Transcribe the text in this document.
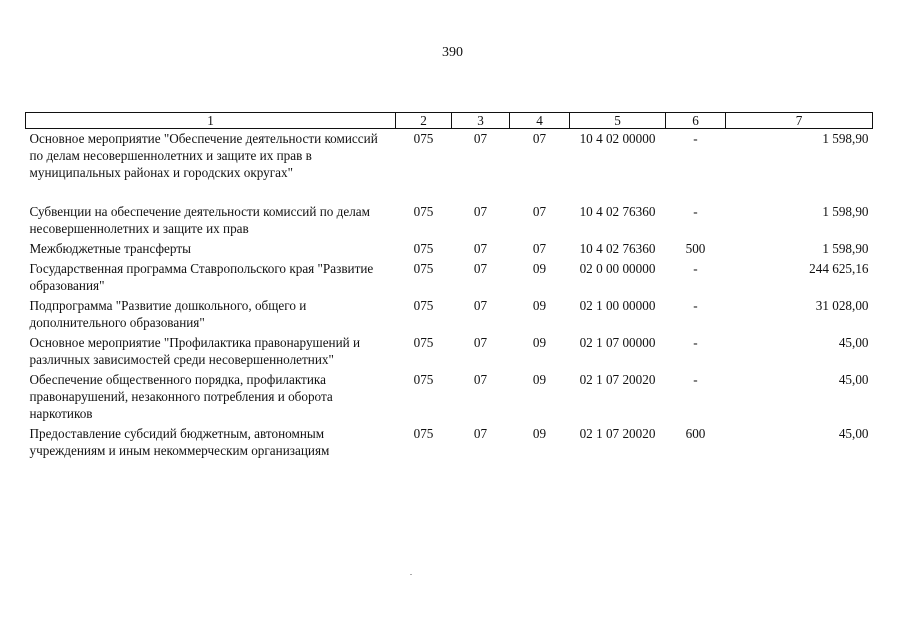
390
1	2	3	4	5	6	7
Основное мероприятие "Обеспечение деятельности комиссий по делам несовершеннолетних и защите их прав в муниципальных районах и городских округах"	075	07	07	10 4 02 00000	-	1 598,90
Субвенции на обеспечение деятельности комиссий по делам несовершеннолетних и защите их прав	075	07	07	10 4 02 76360	-	1 598,90
Межбюджетные трансферты	075	07	07	10 4 02 76360	500	1 598,90
Государственная программа Ставропольского края "Развитие образования"	075	07	09	02 0 00 00000	-	244 625,16
Подпрограмма "Развитие дошкольного, общего и дополнительного образования"	075	07	09	02 1 00 00000	-	31 028,00
Основное мероприятие "Профилактика правонарушений и различных зависимостей среди несовершеннолетних"	075	07	09	02 1 07 00000	-	45,00
Обеспечение общественного порядка, профилактика правонарушений, незаконного потребления и оборота наркотиков	075	07	09	02 1 07 20020	-	45,00
Предоставление субсидий бюджетным, автономным учреждениям и иным некоммерческим организациям	075	07	09	02 1 07 20020	600	45,00
